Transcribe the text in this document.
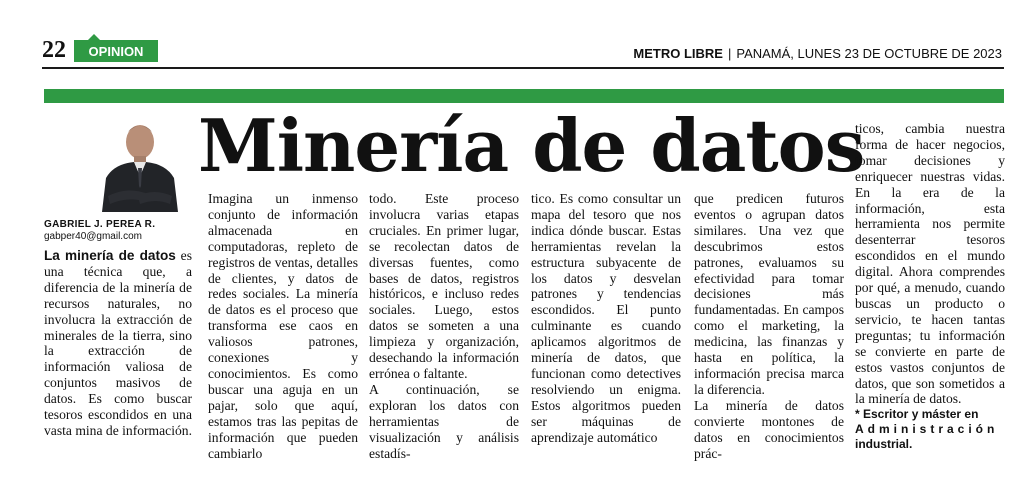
22	OPINION	METRO LIBRE | PANAMÁ, LUNES 23 DE OCTUBRE DE 2023
GABRIEL J. PEREA R.
gabper40@gmail.com
Minería de datos

La minería de datos es una técnica que, a diferencia de la minería de recursos naturales, no involucra la extracción de minerales de la tierra, sino la extracción de información valiosa de conjuntos masivos de datos. Es como buscar tesoros escondidos en una vasta mina de información.

Imagina un inmenso conjunto de información almacenada en computadoras, repleto de registros de ventas, detalles de clientes, y datos de redes sociales. La minería de datos es el proceso que transforma ese caos en valiosos patrones, conexiones y conocimientos. Es como buscar una aguja en un pajar, solo que aquí, estamos tras las pepitas de información que pueden cambiarlo

todo. Este proceso involucra varias etapas cruciales. En primer lugar, se recolectan datos de diversas fuentes, como bases de datos, registros históricos, e incluso redes sociales. Luego, estos datos se someten a una limpieza y organización, desechando la información errónea o faltante.

A continuación, se exploran los datos con herramientas de visualización y análisis estadís-

tico. Es como consultar un mapa del tesoro que nos indica dónde buscar. Estas herramientas revelan la estructura subyacente de los datos y desvelan patrones y tendencias escondidos. El punto culminante es cuando aplicamos algoritmos de minería de datos, que funcionan como detectives resolviendo un enigma. Estos algoritmos pueden ser máquinas de aprendizaje automático

que predicen futuros eventos o agrupan datos similares. Una vez que descubrimos estos patrones, evaluamos su efectividad para tomar decisiones más fundamentadas. En campos como el marketing, la medicina, las finanzas y hasta en política, la información precisa marca la diferencia.

La minería de datos convierte montones de datos en conocimientos prác-

ticos, cambia nuestra forma de hacer negocios, tomar decisiones y enriquecer nuestras vidas. En la era de la información, esta herramienta nos permite desenterrar tesoros escondidos en el mundo digital. Ahora comprendes por qué, a menudo, cuando buscas un producto o servicio, te hacen tantas preguntas; tu información se convierte en parte de estos vastos conjuntos de datos, que son sometidos a la minería de datos.

* Escritor y máster en
Administración
industrial.
